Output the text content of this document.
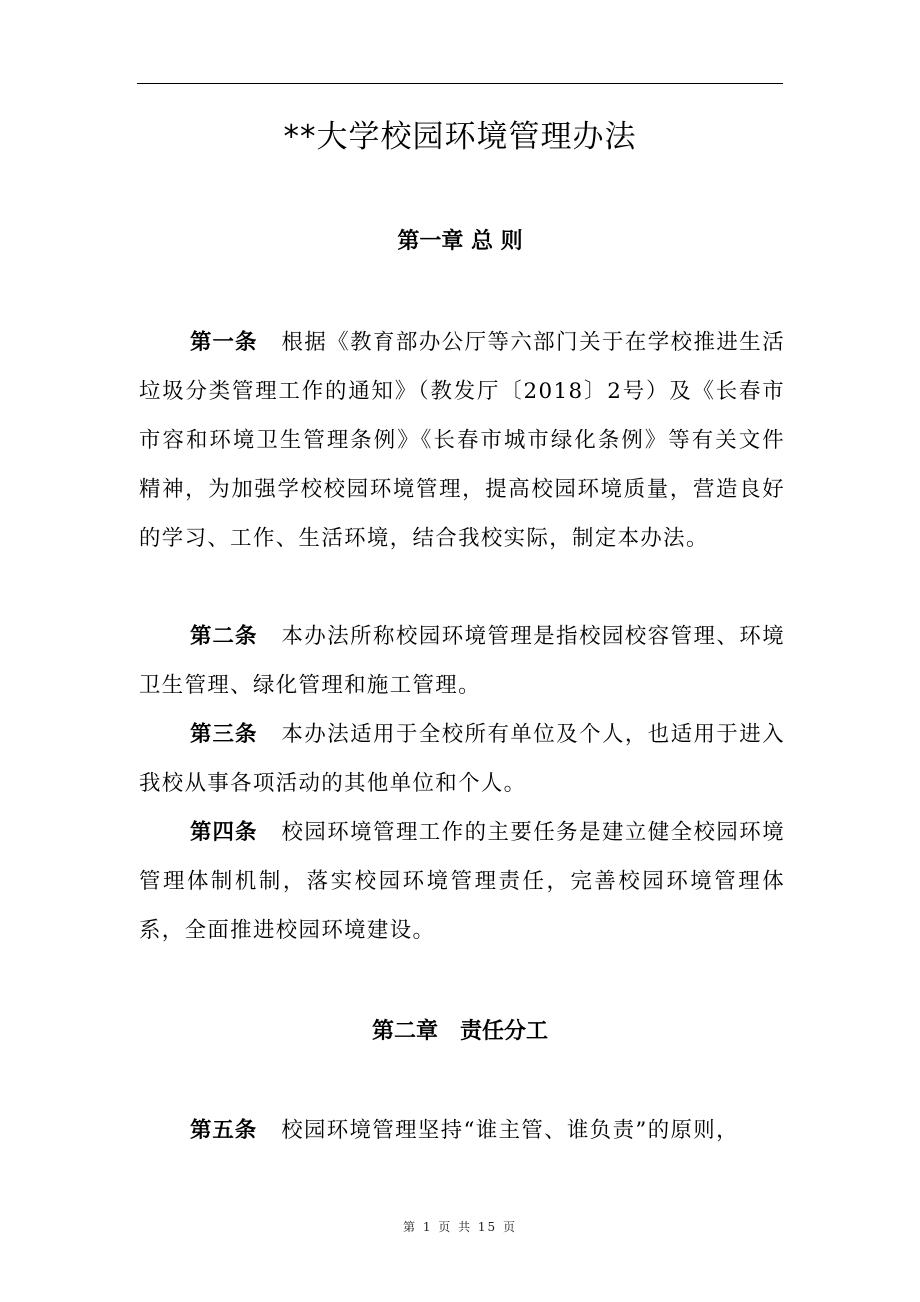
**大学校园环境管理办法
第一章 总 则

第一条 根据《教育部办公厅等六部门关于在学校推进生活垃圾分类管理工作的通知》（教发厅〔2018〕2号）及《长春市市容和环境卫生管理条例》《长春市城市绿化条例》等有关文件精神，为加强学校校园环境管理，提高校园环境质量，营造良好的学习、工作、生活环境，结合我校实际，制定本办法。

第二条 本办法所称校园环境管理是指校园校容管理、环境卫生管理、绿化管理和施工管理。

第三条 本办法适用于全校所有单位及个人，也适用于进入我校从事各项活动的其他单位和个人。

第四条 校园环境管理工作的主要任务是建立健全校园环境管理体制机制，落实校园环境管理责任，完善校园环境管理体系，全面推进校园环境建设。

第二章　责任分工

第五条 校园环境管理坚持“谁主管、谁负责”的原则，

第 1 页 共 15 页
